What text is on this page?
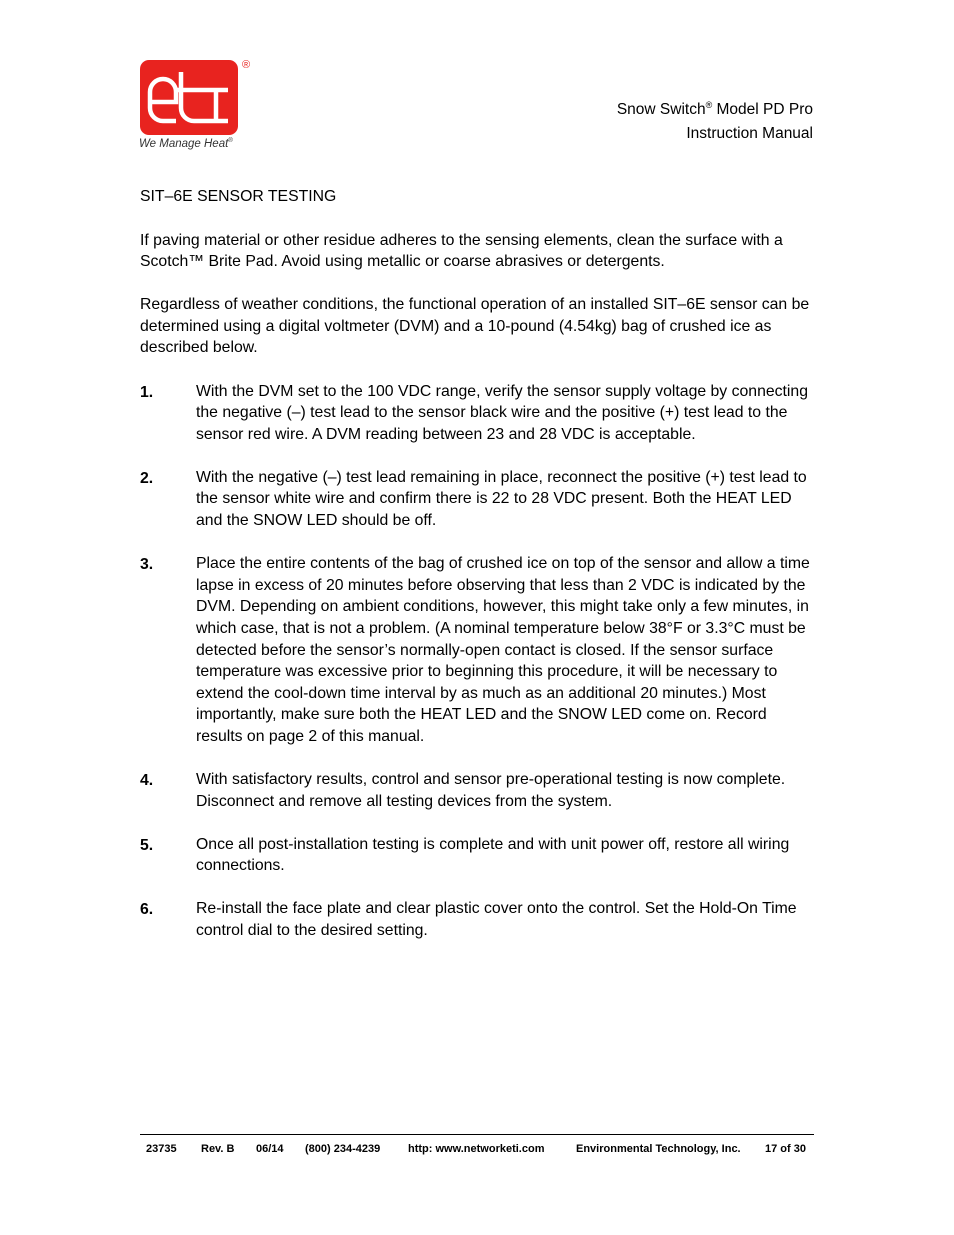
®
We Manage Heat®
Snow Switch® Model PD Pro
Instruction Manual
SIT–6E SENSOR TESTING
If paving material or other residue adheres to the sensing elements, clean the surface with a Scotch™ Brite Pad. Avoid using metallic or coarse abrasives or detergents.
Regardless of weather conditions, the functional operation of an installed SIT–6E sensor can be determined using a digital voltmeter (DVM) and a 10-pound (4.54kg) bag of crushed ice as described below.
1.	With the DVM set to the 100 VDC range, verify the sensor supply voltage by connecting the negative (–) test lead to the sensor black wire and the positive (+) test lead to the sensor red wire. A DVM reading between 23 and 28 VDC is acceptable.
2.	With the negative (–) test lead remaining in place, reconnect the positive (+) test lead to the sensor white wire and confirm there is 22 to 28 VDC present. Both the HEAT LED and the SNOW LED should be off.
3.	Place the entire contents of the bag of crushed ice on top of the sensor and allow a time lapse in excess of 20 minutes before observing that less than 2 VDC is indicated by the DVM. Depending on ambient conditions, however, this might take only a few minutes, in which case, that is not a problem. (A nominal temperature below 38°F or 3.3°C must be detected before the sensor’s normally-open contact is closed. If the sensor surface temperature was excessive prior to beginning this procedure, it will be necessary to extend the cool-down time interval by as much as an additional 20 minutes.) Most importantly, make sure both the HEAT LED and the SNOW LED come on. Record results on page 2 of this manual.
4.	With satisfactory results, control and sensor pre-operational testing is now complete. Disconnect and remove all testing devices from the system.
5.	Once all post-installation testing is complete and with unit power off, restore all wiring connections.
6.	Re-install the face plate and clear plastic cover onto the control. Set the Hold-On Time control dial to the desired setting.
23735 Rev. B 06/14 (800) 234-4239	http: www.networketi.com	Environmental Technology, Inc. 17 of 30
